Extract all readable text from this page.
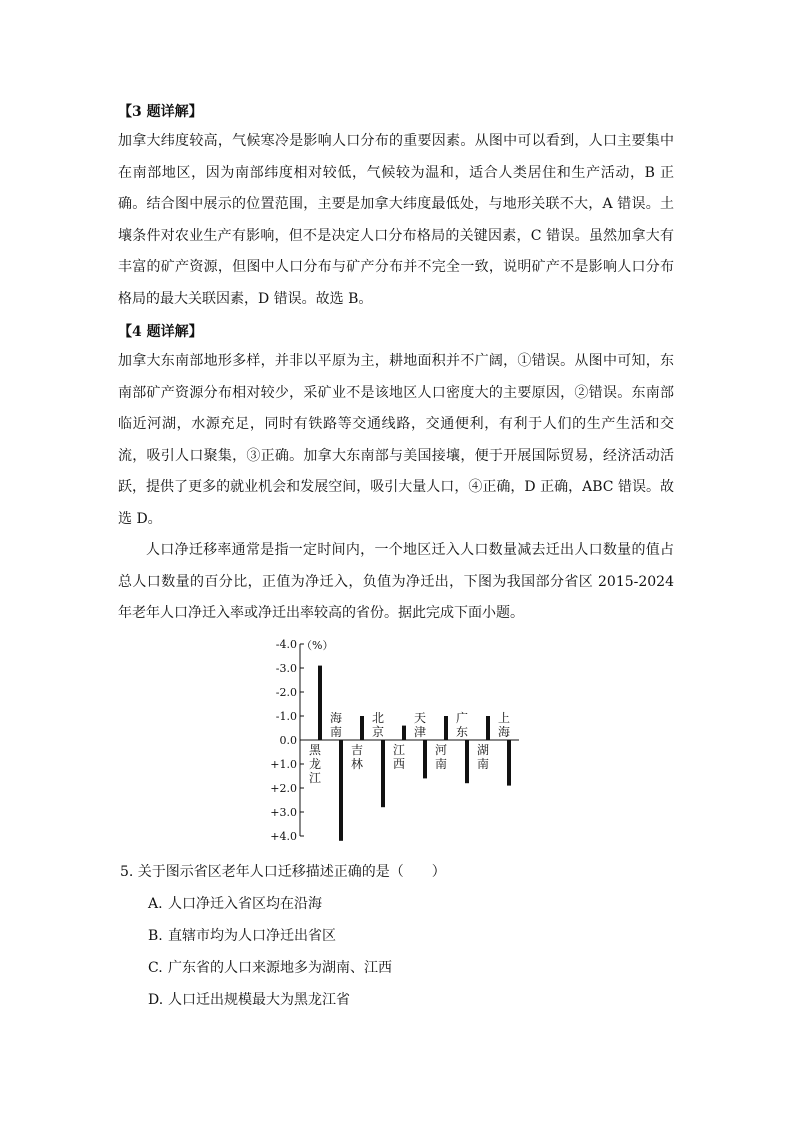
【3 题详解】

加拿大纬度较高，气候寒冷是影响人口分布的重要因素。从图中可以看到，人口主要集中在南部地区，因为南部纬度相对较低，气候较为温和，适合人类居住和生产活动，B 正确。结合图中展示的位置范围，主要是加拿大纬度最低处，与地形关联不大，A 错误。土壤条件对农业生产有影响，但不是决定人口分布格局的关键因素，C 错误。虽然加拿大有丰富的矿产资源，但图中人口分布与矿产分布并不完全一致，说明矿产不是影响人口分布格局的最大关联因素，D 错误。故选 B。

【4 题详解】

加拿大东南部地形多样，并非以平原为主，耕地面积并不广阔，①错误。从图中可知，东南部矿产资源分布相对较少，采矿业不是该地区人口密度大的主要原因，②错误。东南部临近河湖，水源充足，同时有铁路等交通线路，交通便利，有利于人们的生产生活和交流，吸引人口聚集，③正确。加拿大东南部与美国接壤，便于开展国际贸易，经济活动活跃，提供了更多的就业机会和发展空间，吸引大量人口，④正确，D 正确，ABC 错误。故选 D。

人口净迁移率通常是指一定时间内，一个地区迁入人口数量减去迁出人口数量的值占总人口数量的百分比，正值为净迁入，负值为净迁出，下图为我国部分省区 2015-2024 年老年人口净迁入率或净迁出率较高的省份。据此完成下面小题。

-4.0
-3.0
-2.0
-1.0
0.0
+1.0
+2.0
+3.0
+4.0
（%）
黑
龙
江
海
南
吉
林
北
京
江
西
天
津
河
南
广
东
湖
南
上
海
5. 关于图示省区老年人口迁移描述正确的是（　　）
A. 人口净迁入省区均在沿海
B. 直辖市均为人口净迁出省区
C. 广东省的人口来源地多为湖南、江西
D. 人口迁出规模最大为黑龙江省
